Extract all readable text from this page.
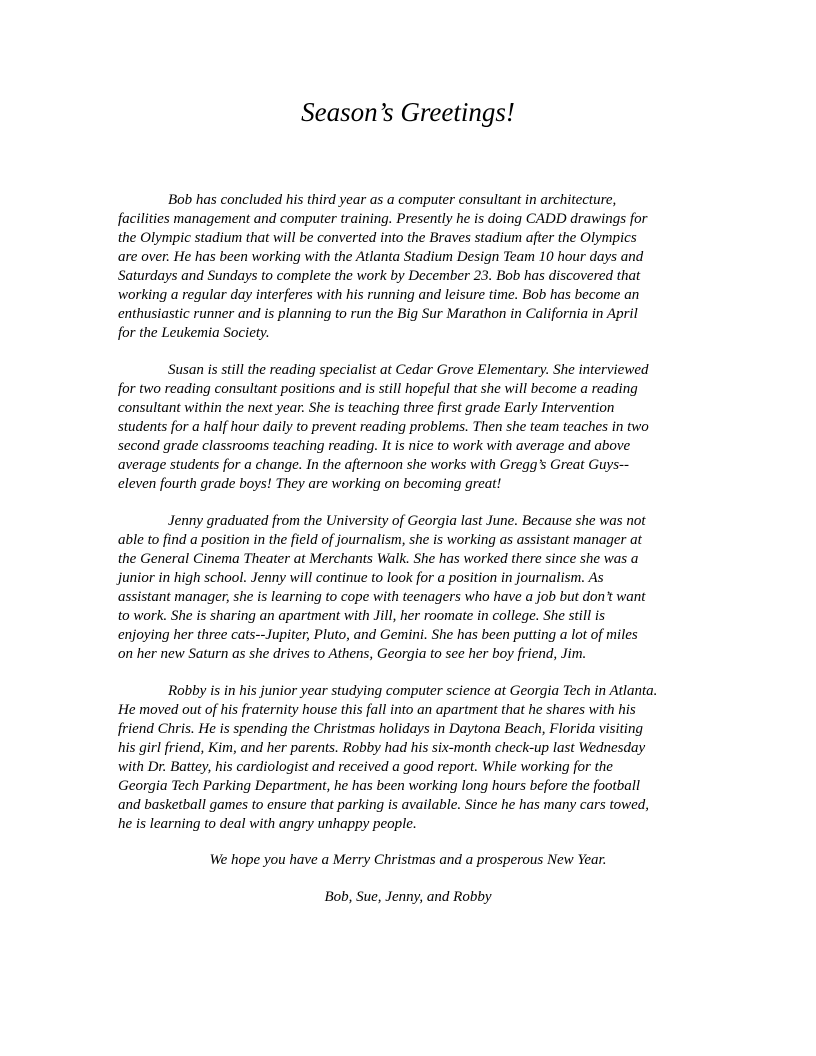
Season’s Greetings!

Bob has concluded his third year as a computer consultant in architecture,
facilities management and computer training. Presently he is doing CADD drawings for
the Olympic stadium that will be converted into the Braves stadium after the Olympics
are over. He has been working with the Atlanta Stadium Design Team 10 hour days and
Saturdays and Sundays to complete the work by December 23. Bob has discovered that
working a regular day interferes with his running and leisure time. Bob has become an
enthusiastic runner and is planning to run the Big Sur Marathon in California in April
for the Leukemia Society.

Susan is still the reading specialist at Cedar Grove Elementary. She interviewed
for two reading consultant positions and is still hopeful that she will become a reading
consultant within the next year. She is teaching three first grade Early Intervention
students for a half hour daily to prevent reading problems. Then she team teaches in two
second grade classrooms teaching reading. It is nice to work with average and above
average students for a change. In the afternoon she works with Gregg’s Great Guys--
eleven fourth grade boys! They are working on becoming great!

Jenny graduated from the University of Georgia last June. Because she was not
able to find a position in the field of journalism, she is working as assistant manager at
the General Cinema Theater at Merchants Walk. She has worked there since she was a
junior in high school. Jenny will continue to look for a position in journalism. As
assistant manager, she is learning to cope with teenagers who have a job but don’t want
to work. She is sharing an apartment with Jill, her roomate in college. She still is
enjoying her three cats--Jupiter, Pluto, and Gemini. She has been putting a lot of miles
on her new Saturn as she drives to Athens, Georgia to see her boy friend, Jim.

Robby is in his junior year studying computer science at Georgia Tech in Atlanta.
He moved out of his fraternity house this fall into an apartment that he shares with his
friend Chris. He is spending the Christmas holidays in Daytona Beach, Florida visiting
his girl friend, Kim, and her parents. Robby had his six-month check-up last Wednesday
with Dr. Battey, his cardiologist and received a good report. While working for the
Georgia Tech Parking Department, he has been working long hours before the football
and basketball games to ensure that parking is available. Since he has many cars towed,
he is learning to deal with angry unhappy people.

We hope you have a Merry Christmas and a prosperous New Year.

Bob, Sue, Jenny, and Robby
